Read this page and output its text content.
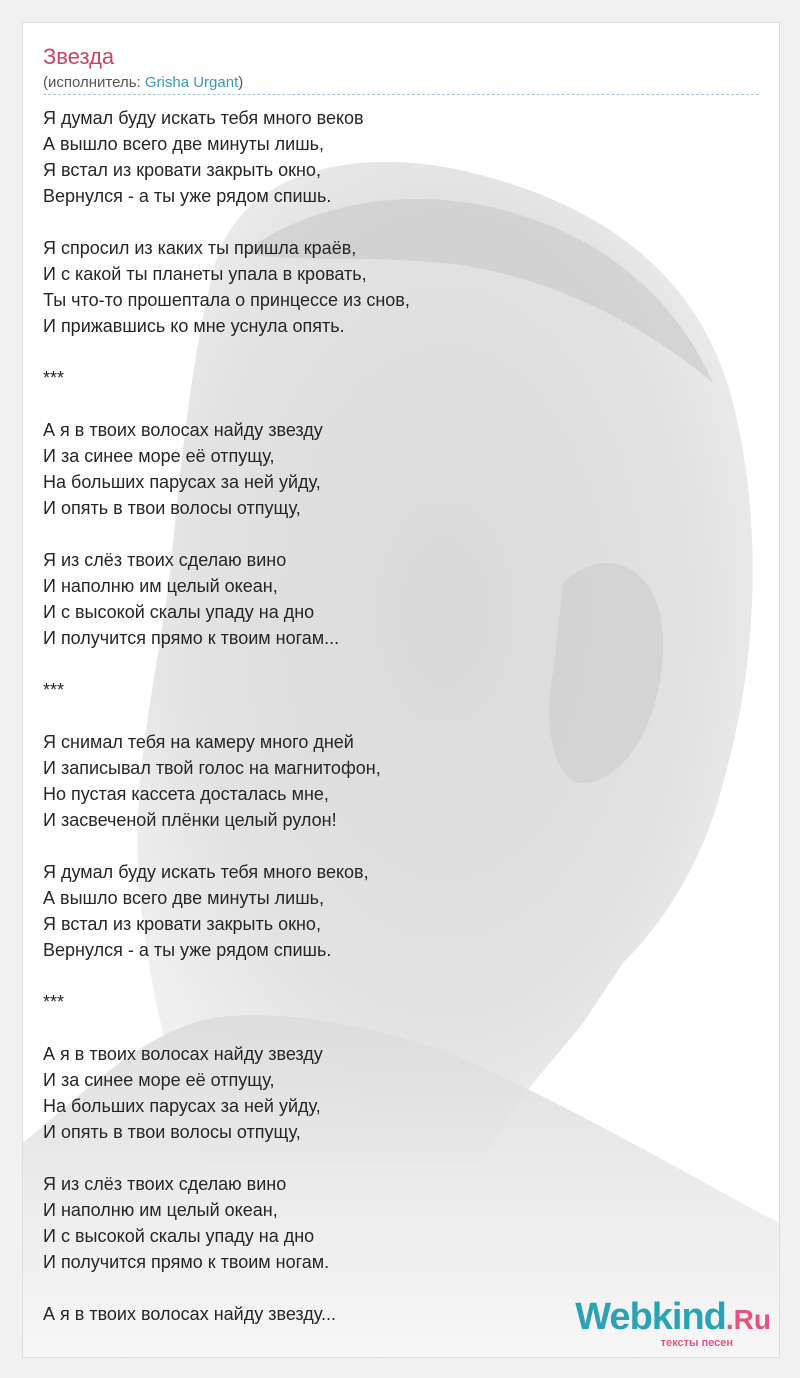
Звезда
(исполнитель: Grisha Urgant)
Я думал буду искать тебя много веков
А вышло всего две минуты лишь,
Я встал из кровати закрыть окно,
Вернулся - а ты уже рядом спишь.
Я спросил из каких ты пришла краёв,
И с какой ты планеты упала в кровать,
Ты что-то прошептала о принцессе из снов,
И прижавшись ко мне уснула опять.
***
А я в твоих волосах найду звезду
И за синее море её отпущу,
На больших парусах за ней уйду,
И опять в твои волосы отпущу,
Я из слёз твоих сделаю вино
И наполню им целый океан,
И с высокой скалы упаду на дно
И получится прямо к твоим ногам...
***
Я снимал тебя на камеру много дней
И записывал твой голос на магнитофон,
Но пустая кассета досталась мне,
И засвеченой плёнки целый рулон!
Я думал буду искать тебя много веков,
А вышло всего две минуты лишь,
Я встал из кровати закрыть окно,
Вернулся - а ты уже рядом спишь.
***
А я в твоих волосах найду звезду
И за синее море её отпущу,
На больших парусах за ней уйду,
И опять в твои волосы отпущу,
Я из слёз твоих сделаю вино
И наполню им целый океан,
И с высокой скалы упаду на дно
И получится прямо к твоим ногам.
А я в твоих волосах найду звезду...	Webkind.Ru
тексты песен
